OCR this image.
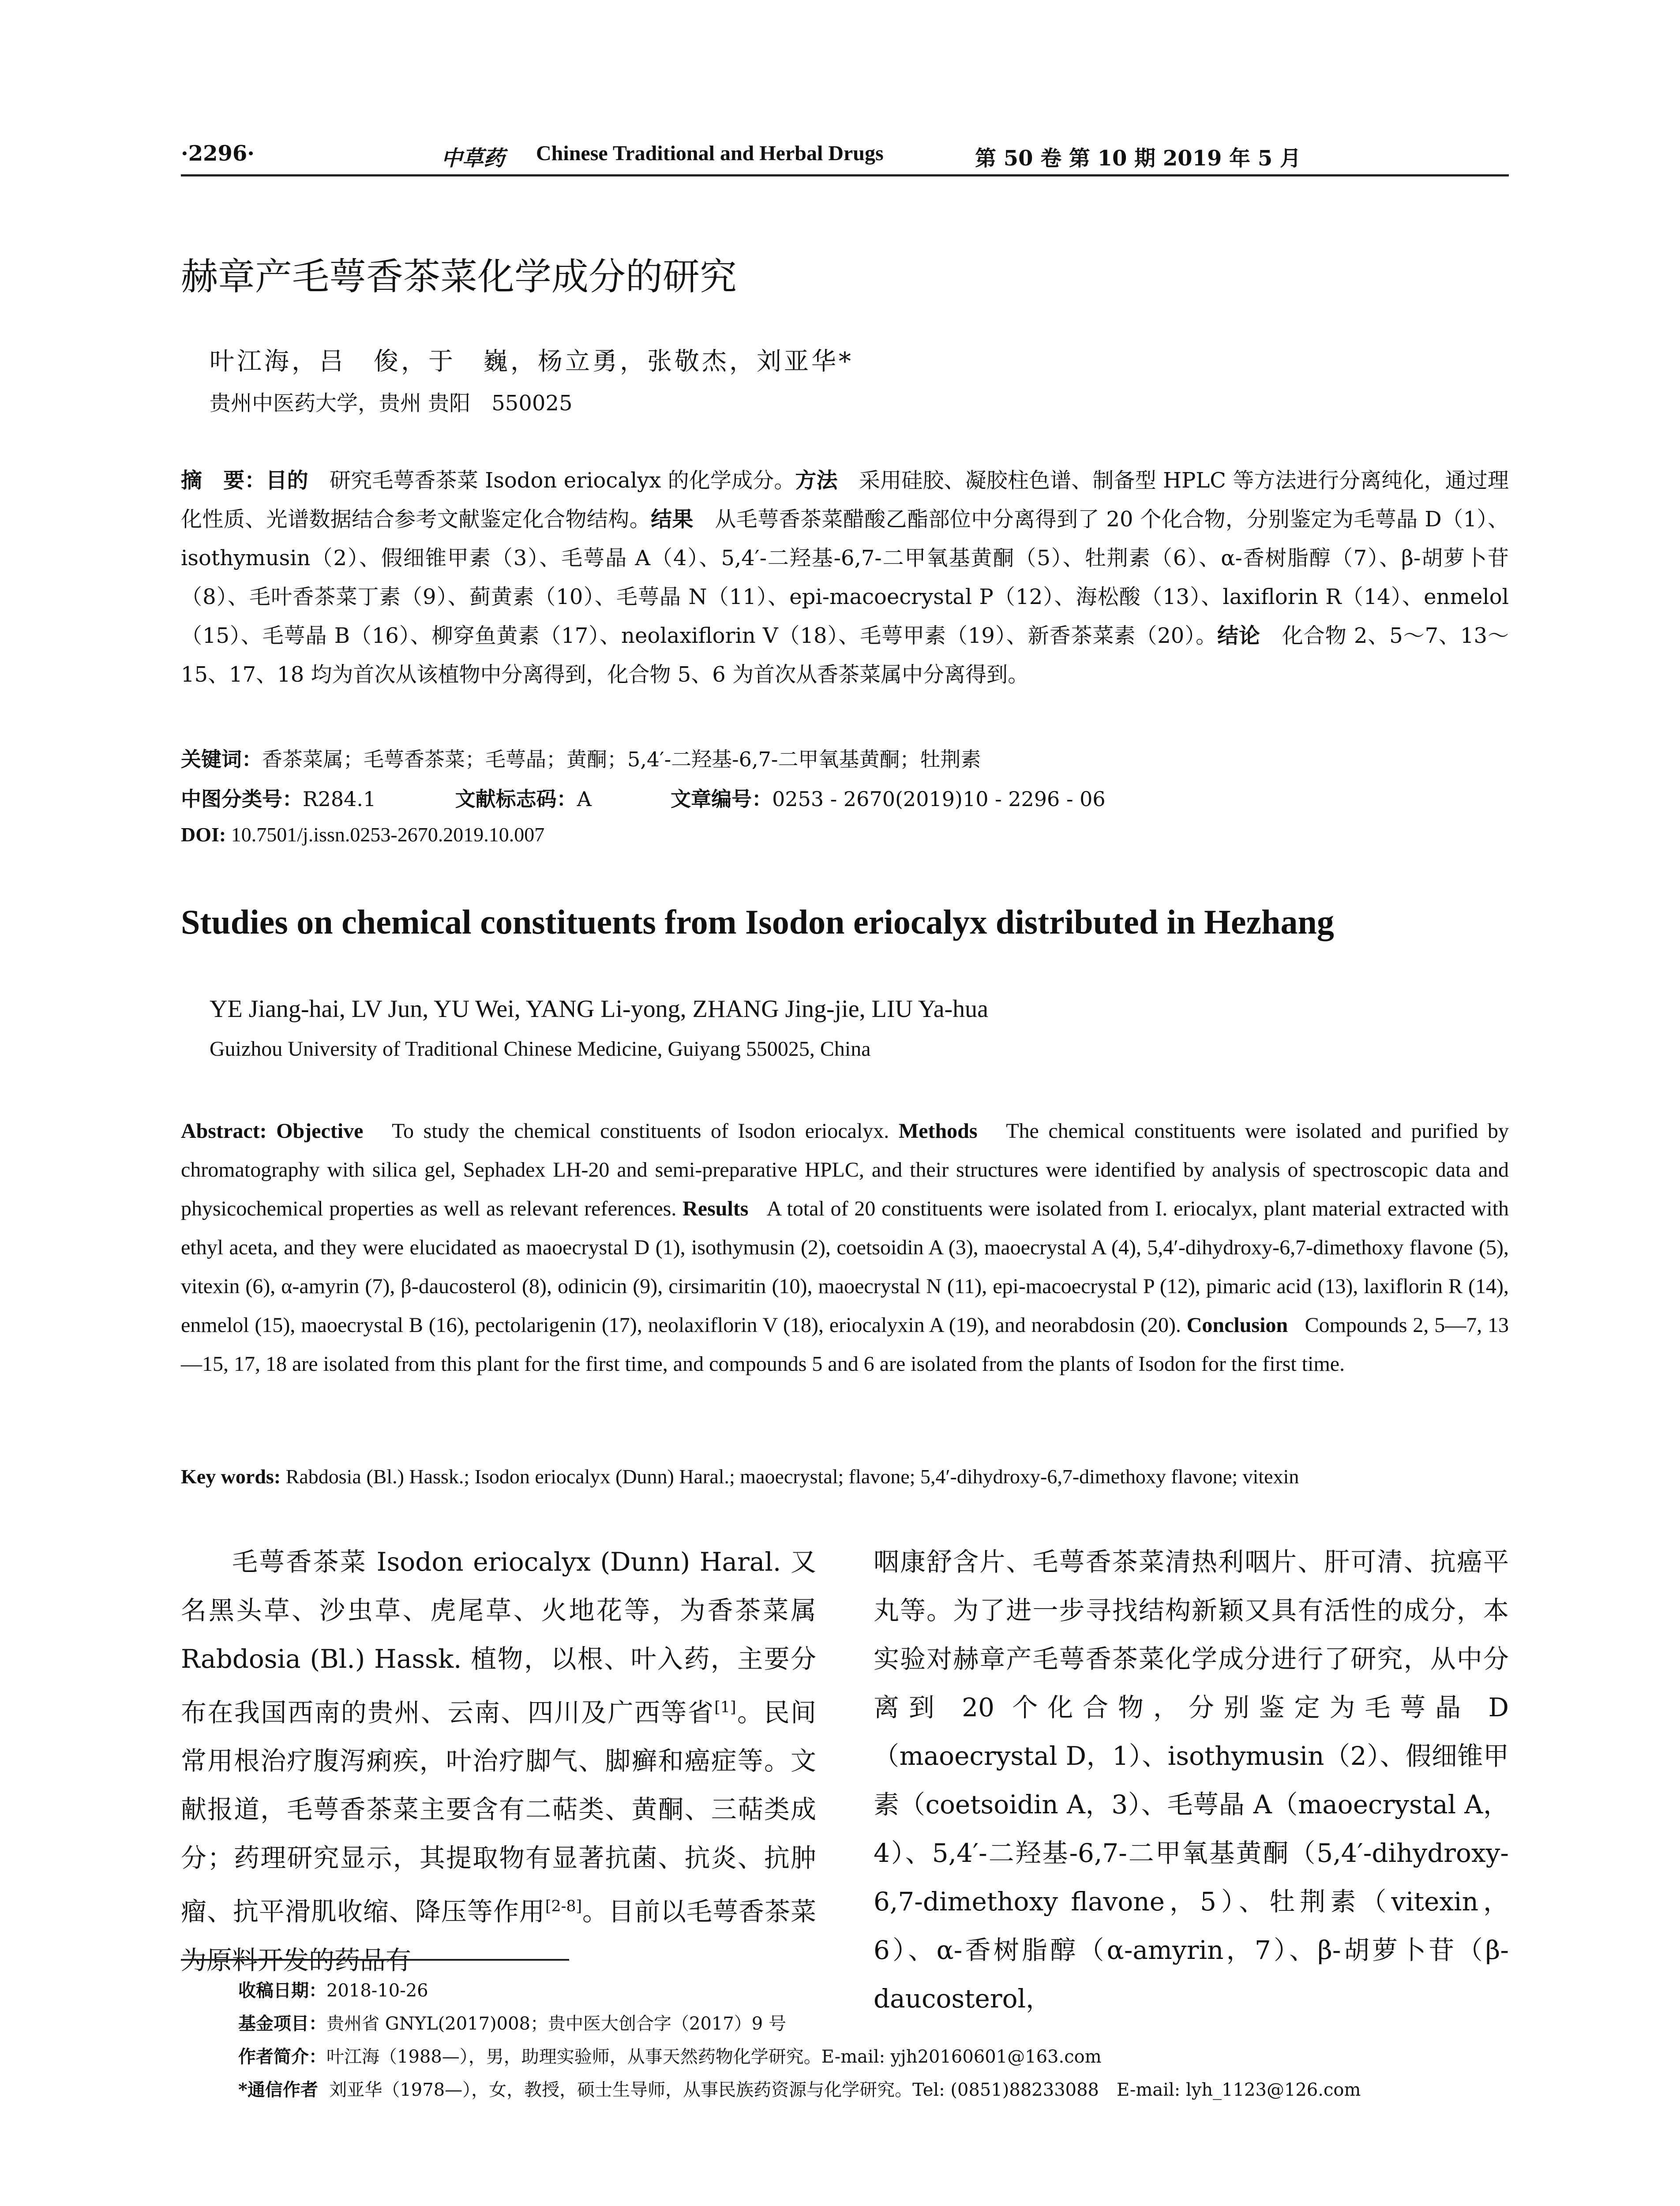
·2296·	中草药 Chinese Traditional and Herbal Drugs	第 50 卷 第 10 期 2019 年 5 月
赫章产毛萼香茶菜化学成分的研究
叶江海，吕　俊，于　巍，杨立勇，张敬杰，刘亚华*
贵州中医药大学，贵州 贵阳　550025
摘　要：目的　 研究毛萼香茶菜 Isodon eriocalyx 的化学成分。方法　 采用硅胶、凝胶柱色谱、制备型 HPLC 等方法进行分离纯化，通过理化性质、光谱数据结合参考文献鉴定化合物结构。结果　 从毛萼香茶菜醋酸乙酯部位中分离得到了 20 个化合物，分别鉴定为毛萼晶 D（1）、isothymusin（2）、假细锥甲素（3）、毛萼晶 A（4）、5,4′-二羟基-6,7-二甲氧基黄酮（5）、牡荆素（6）、α-香树脂醇（7）、β-胡萝卜苷（8）、毛叶香茶菜丁素（9）、蓟黄素（10）、毛萼晶 N（11）、epi-macoecrystal P（12）、海松酸（13）、laxiflorin R（14）、enmelol（15）、毛萼晶 B（16）、柳穿鱼黄素（17）、neolaxiflorin V（18）、毛萼甲素（19）、新香茶菜素（20）。结论　 化合物 2、5～7、13～15、17、18 均为首次从该植物中分离得到，化合物 5、6 为首次从香茶菜属中分离得到。
关键词：香茶菜属；毛萼香茶菜；毛萼晶；黄酮；5,4′-二羟基-6,7-二甲氧基黄酮；牡荆素
中图分类号：R284.1	文献标志码：A	文章编号：0253 - 2670(2019)10 - 2296 - 06
DOI: 10.7501/j.issn.0253-2670.2019.10.007
Studies on chemical constituents from Isodon eriocalyx distributed in Hezhang
YE Jiang-hai, LV Jun, YU Wei, YANG Li-yong, ZHANG Jing-jie, LIU Ya-hua
Guizhou University of Traditional Chinese Medicine, Guiyang 550025, China
Abstract: Objective To study the chemical constituents of Isodon eriocalyx. Methods The chemical constituents were isolated and purified by chromatography with silica gel, Sephadex LH-20 and semi-preparative HPLC, and their structures were identified by analysis of spectroscopic data and physicochemical properties as well as relevant references. Results A total of 20 constituents were isolated from I. eriocalyx, plant material extracted with ethyl aceta, and they were elucidated as maoecrystal D (1), isothymusin (2), coetsoidin A (3), maoecrystal A (4), 5,4′-dihydroxy-6,7-dimethoxy flavone (5), vitexin (6), α-amyrin (7), β-daucosterol (8), odinicin (9), cirsimaritin (10), maoecrystal N (11), epi-macoecrystal P (12), pimaric acid (13), laxiflorin R (14), enmelol (15), maoecrystal B (16), pectolarigenin (17), neolaxiflorin V (18), eriocalyxin A (19), and neorabdosin (20). Conclusion Compounds 2, 5—7, 13—15, 17, 18 are isolated from this plant for the first time, and compounds 5 and 6 are isolated from the plants of Isodon for the first time.
Key words: Rabdosia (Bl.) Hassk.; Isodon eriocalyx (Dunn) Haral.; maoecrystal; flavone; 5,4′-dihydroxy-6,7-dimethoxy flavone; vitexin
毛萼香茶菜 Isodon eriocalyx (Dunn) Haral. 又名黑头草、沙虫草、虎尾草、火地花等，为香茶菜属 Rabdosia (Bl.) Hassk. 植物，以根、叶入药，主要分布在我国西南的贵州、云南、四川及广西等省[1]。民间常用根治疗腹泻痢疾，叶治疗脚气、脚癣和癌症等。文献报道，毛萼香茶菜主要含有二萜类、黄酮、三萜类成分；药理研究显示，其提取物有显著抗菌、抗炎、抗肿瘤、抗平滑肌收缩、降压等作用[2-8]。目前以毛萼香茶菜为原料开发的药品有
咽康舒含片、毛萼香茶菜清热利咽片、肝可清、抗癌平丸等。为了进一步寻找结构新颖又具有活性的成分，本实验对赫章产毛萼香茶菜化学成分进行了研究，从中分离到 20 个化合物，分别鉴定为毛萼晶 D（maoecrystal D，1）、isothymusin（2）、假细锥甲素（coetsoidin A，3）、毛萼晶 A（maoecrystal A，4）、5,4′-二羟基-6,7-二甲氧基黄酮（5,4′-dihydroxy-6,7-dimethoxy flavone，5）、牡荆素（vitexin，6）、α-香树脂醇（α-amyrin，7）、β-胡萝卜苷（β-daucosterol，
收稿日期：2018-10-26
基金项目：贵州省 GNYL(2017)008；贵中医大创合字（2017）9 号
作者简介：叶江海（1988—），男，助理实验师，从事天然药物化学研究。E-mail: yjh20160601@163.com
*通信作者 刘亚华（1978—），女，教授，硕士生导师，从事民族药资源与化学研究。Tel: (0851)88233088　E-mail: lyh_1123@126.com
